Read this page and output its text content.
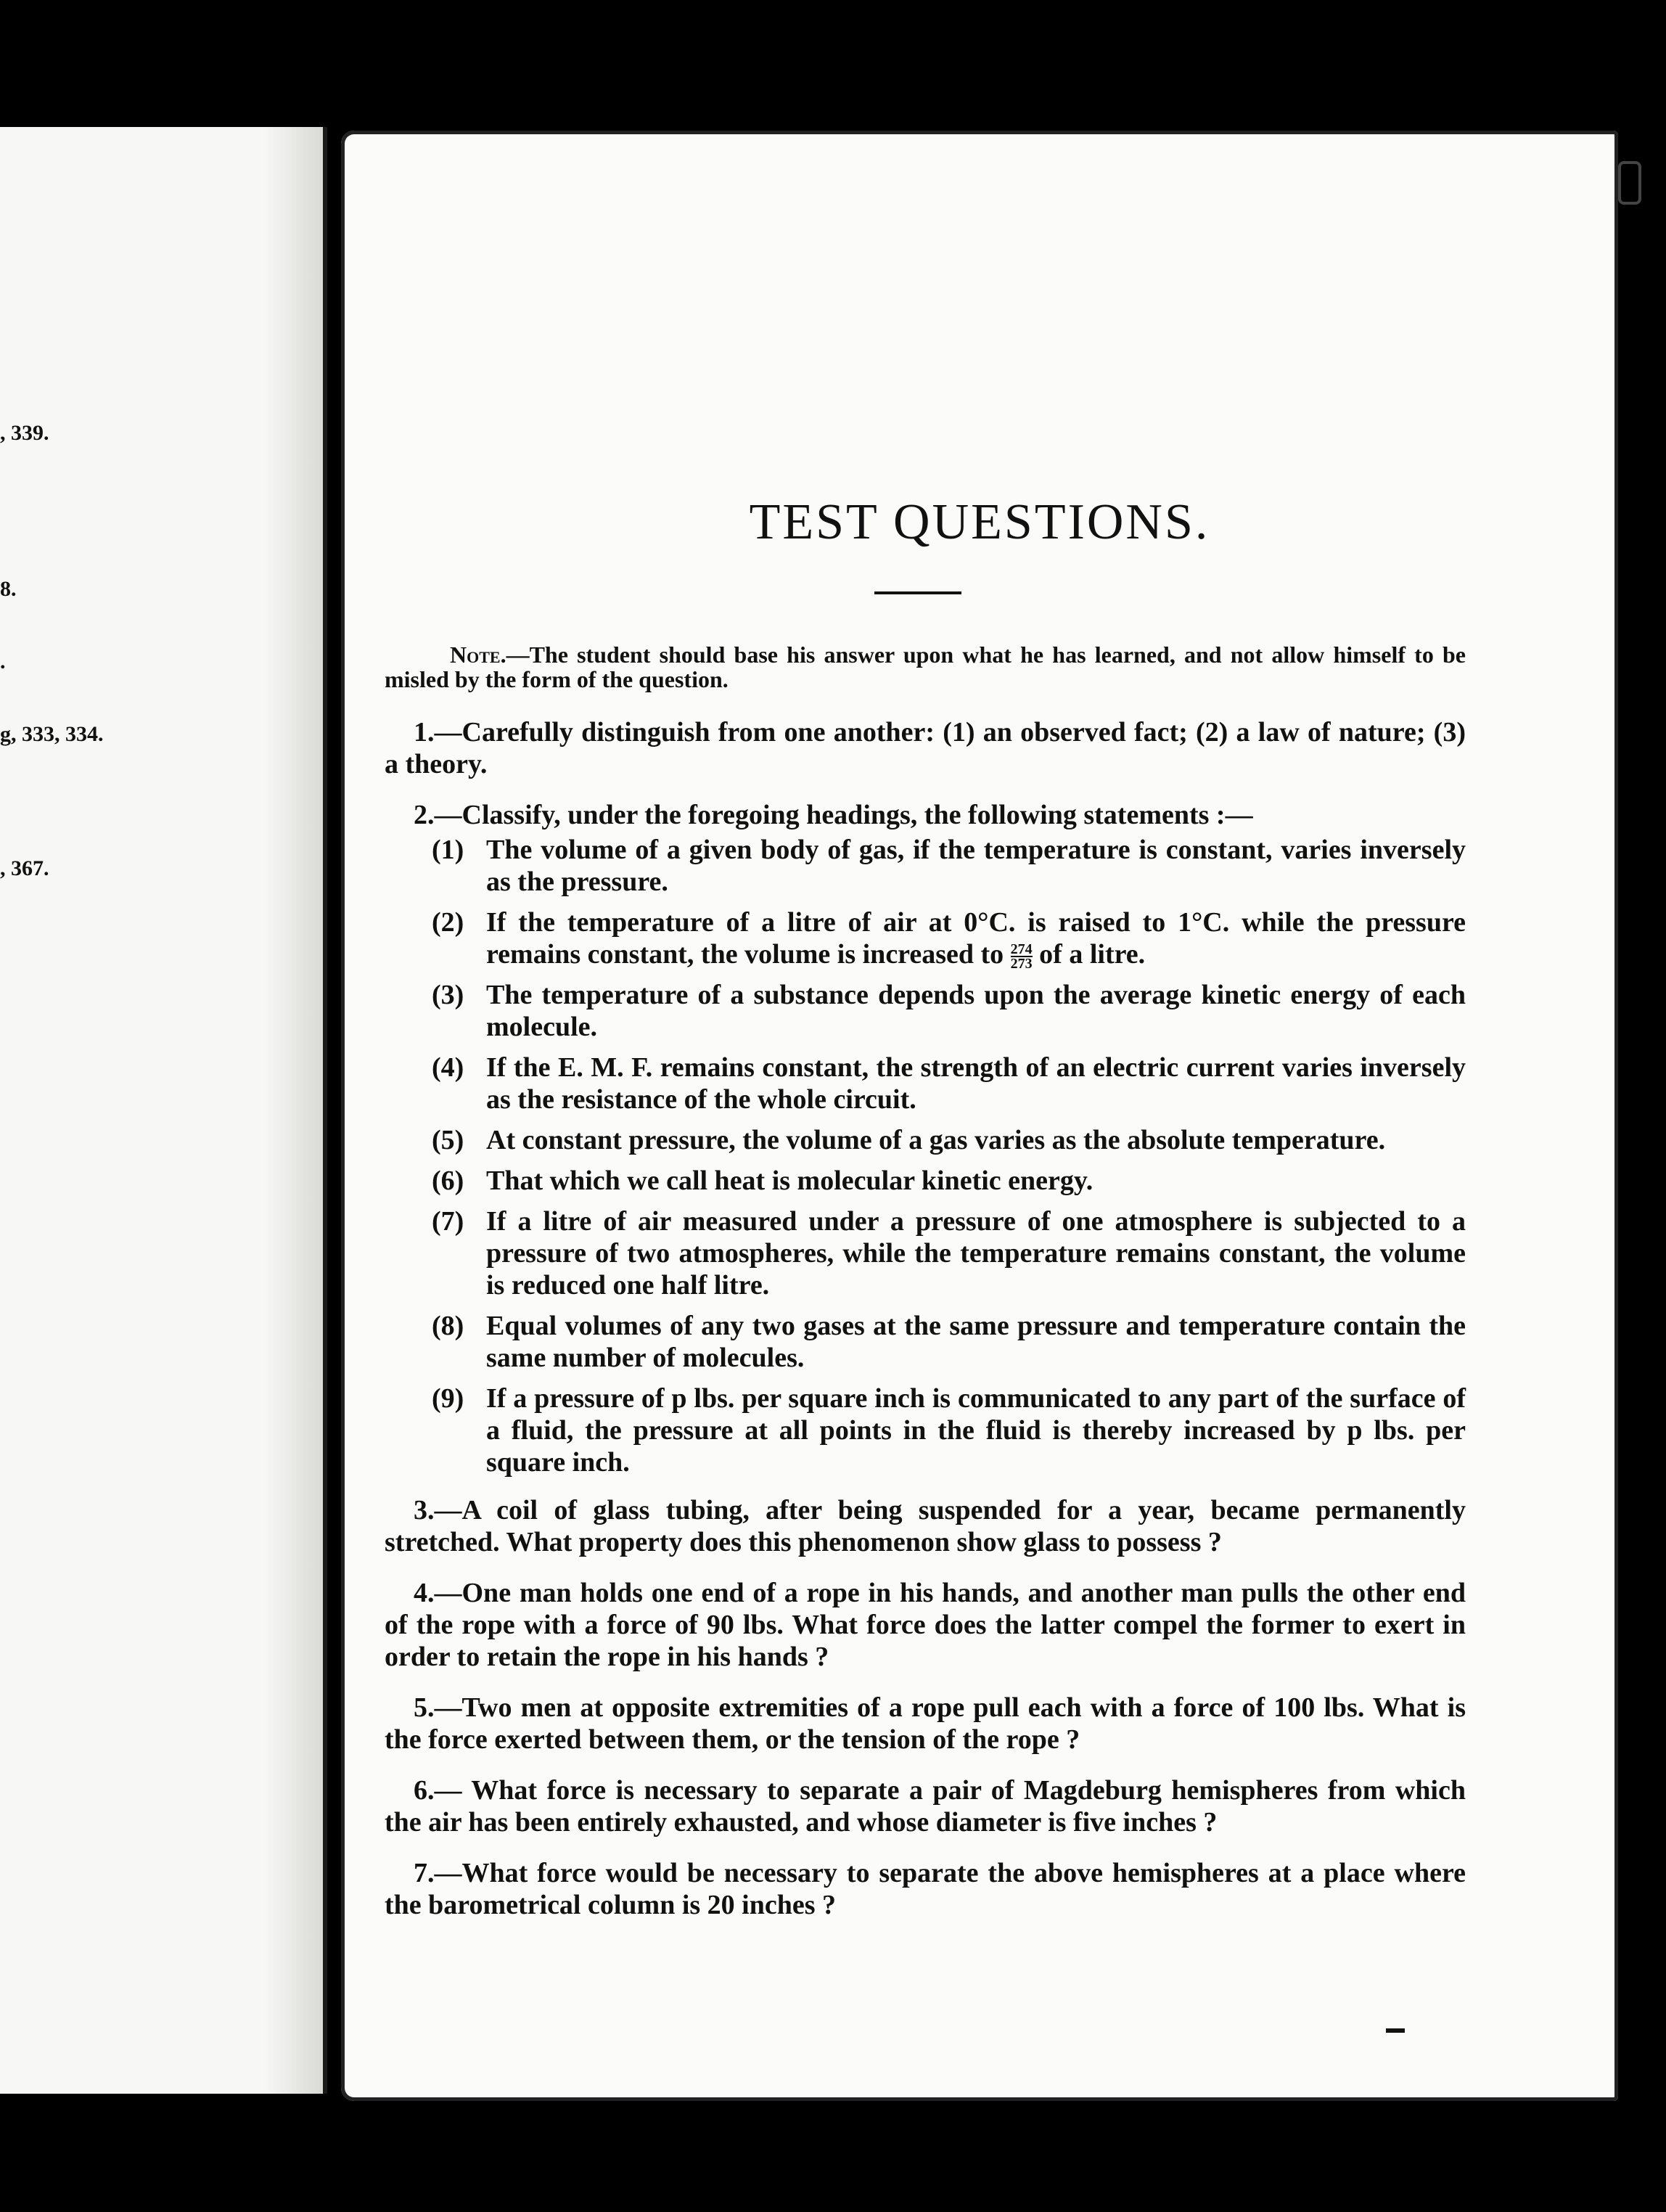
, 339.
8.
.
g, 333, 334.
, 367.
TEST QUESTIONS.

Note.—The student should base his answer upon what he has learned, and not allow himself to be misled by the form of the question.

1.—Carefully distinguish from one another: (1) an observed fact; (2) a law of nature; (3) a theory.

2.—Classify, under the foregoing headings, the following statements :—

(1) The volume of a given body of gas, if the temperature is constant, varies inversely as the pressure.
(2) If the temperature of a litre of air at 0°C. is raised to 1°C. while the pressure remains constant, the volume is increased to $\frac{274}{273}$ of a litre.
(3) The temperature of a substance depends upon the average kinetic energy of each molecule.
(4) If the E. M. F. remains constant, the strength of an electric current varies inversely as the resistance of the whole circuit.
(5) At constant pressure, the volume of a gas varies as the absolute temperature.
(6) That which we call heat is molecular kinetic energy.
(7) If a litre of air measured under a pressure of one atmosphere is subjected to a pressure of two atmospheres, while the temperature remains constant, the volume is reduced one half litre.
(8) Equal volumes of any two gases at the same pressure and temperature contain the same number of molecules.
(9) If a pressure of p lbs. per square inch is communicated to any part of the surface of a fluid, the pressure at all points in the fluid is thereby increased by p lbs. per square inch.

3.—A coil of glass tubing, after being suspended for a year, became permanently stretched. What property does this phenomenon show glass to possess ?

4.—One man holds one end of a rope in his hands, and another man pulls the other end of the rope with a force of 90 lbs. What force does the latter compel the former to exert in order to retain the rope in his hands ?

5.—Two men at opposite extremities of a rope pull each with a force of 100 lbs. What is the force exerted between them, or the tension of the rope ?

6.— What force is necessary to separate a pair of Magdeburg hemispheres from which the air has been entirely exhausted, and whose diameter is five inches ?

7.—What force would be necessary to separate the above hemispheres at a place where the barometrical column is 20 inches ?
